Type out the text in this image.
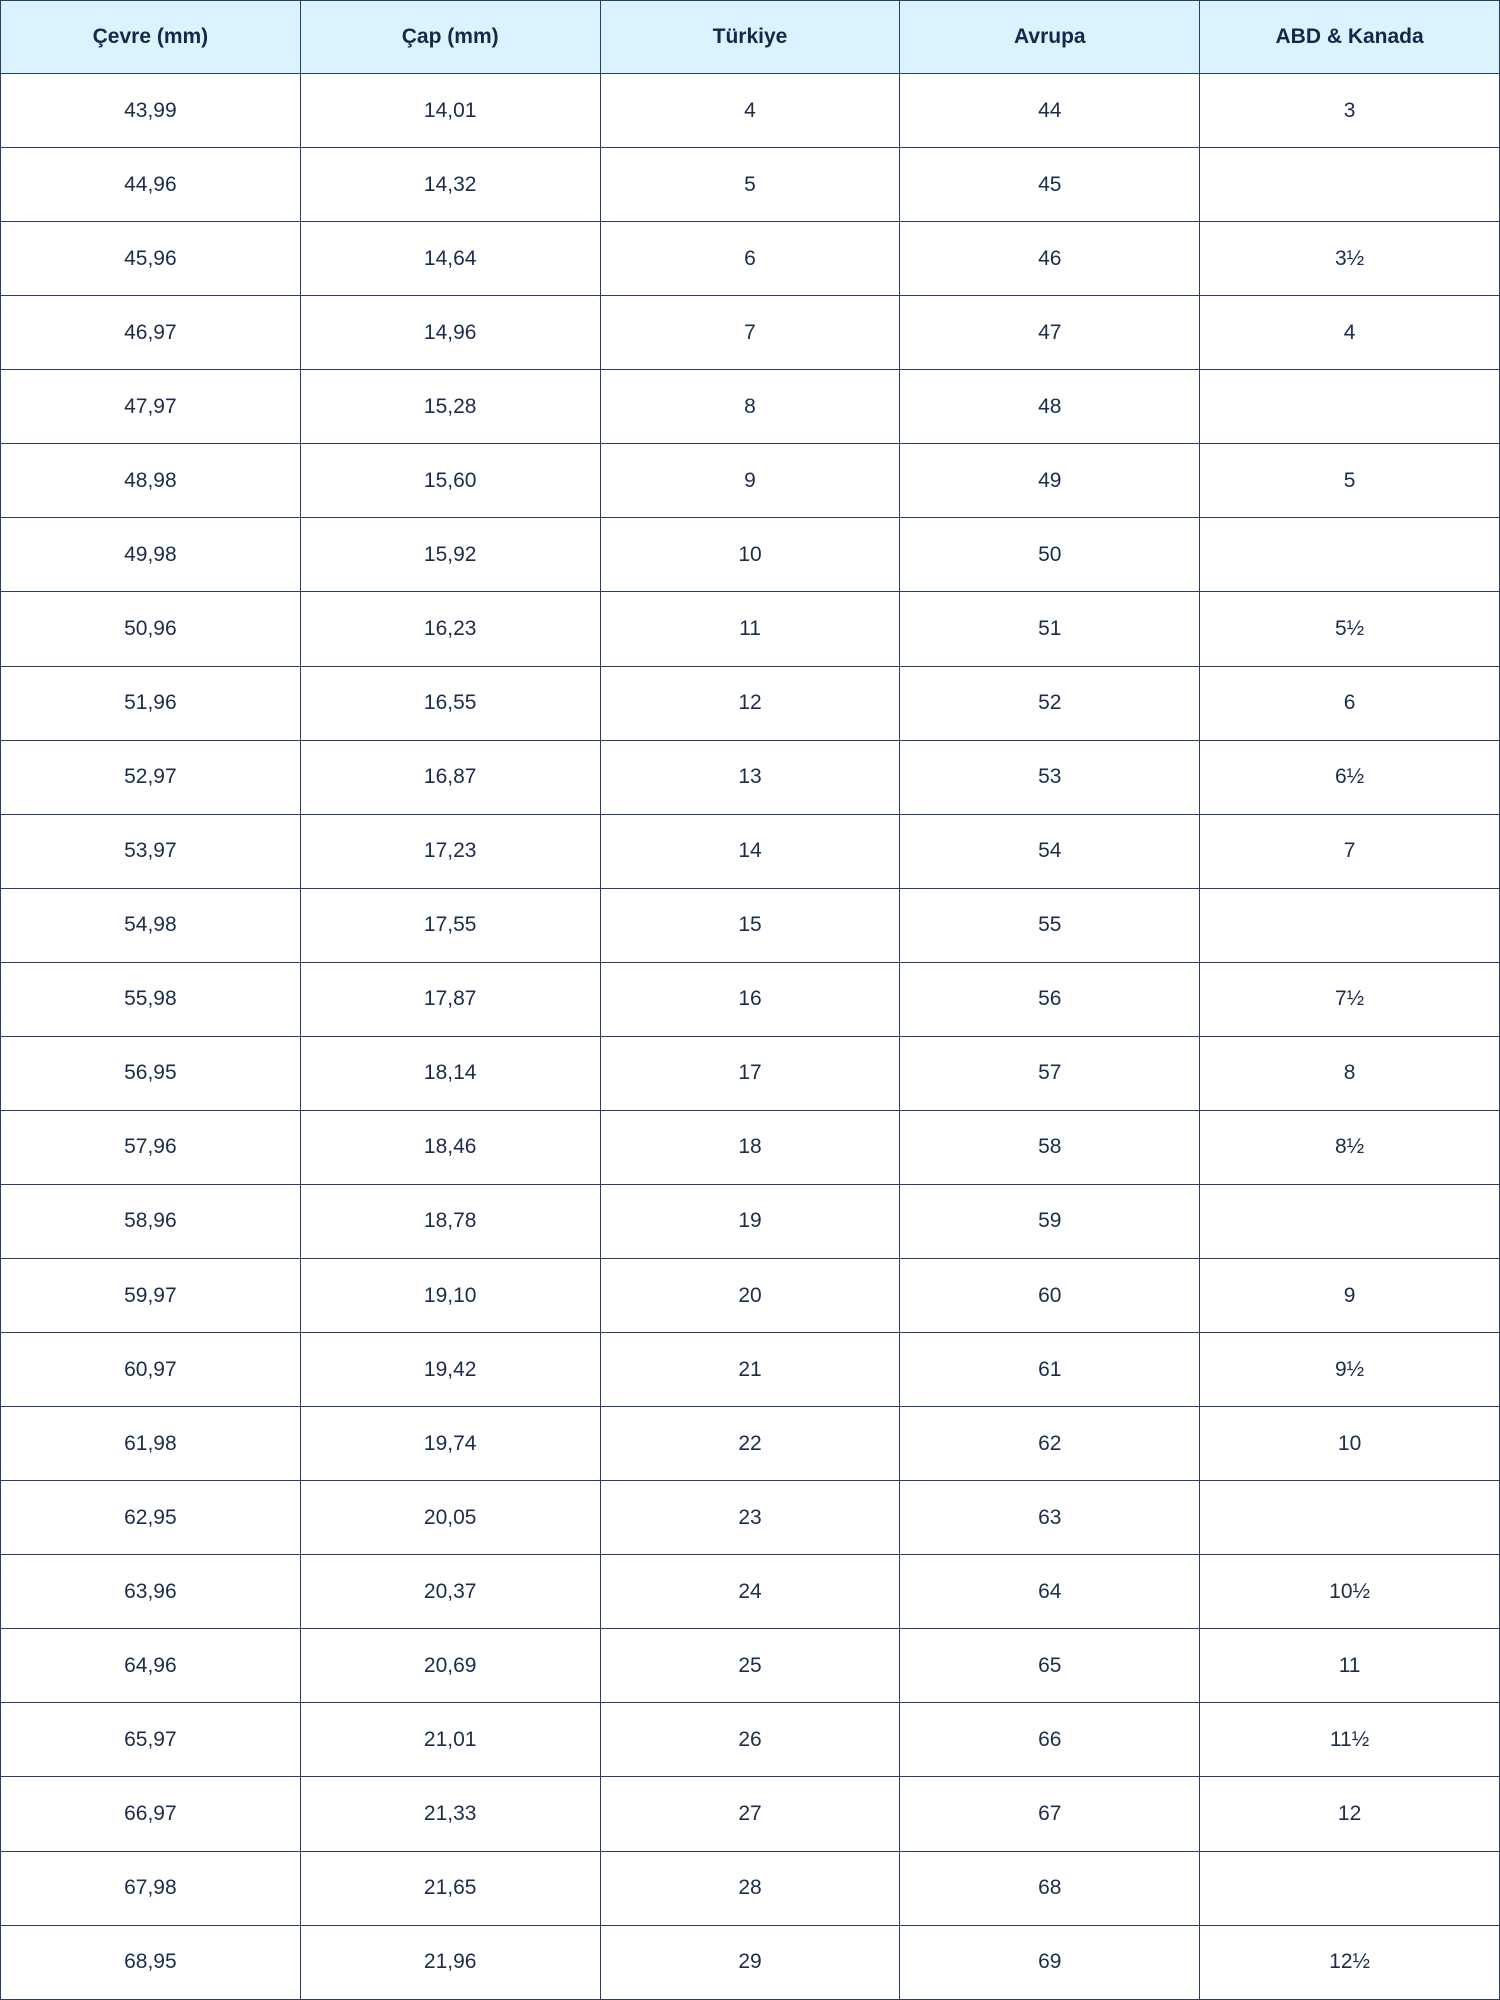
Çevre (mm)	Çap (mm)	Türkiye	Avrupa	ABD & Kanada
43,99	14,01	4	44	3
44,96	14,32	5	45	
45,96	14,64	6	46	3½
46,97	14,96	7	47	4
47,97	15,28	8	48	
48,98	15,60	9	49	5
49,98	15,92	10	50	
50,96	16,23	11	51	5½
51,96	16,55	12	52	6
52,97	16,87	13	53	6½
53,97	17,23	14	54	7
54,98	17,55	15	55	
55,98	17,87	16	56	7½
56,95	18,14	17	57	8
57,96	18,46	18	58	8½
58,96	18,78	19	59	
59,97	19,10	20	60	9
60,97	19,42	21	61	9½
61,98	19,74	22	62	10
62,95	20,05	23	63	
63,96	20,37	24	64	10½
64,96	20,69	25	65	11
65,97	21,01	26	66	11½
66,97	21,33	27	67	12
67,98	21,65	28	68	
68,95	21,96	29	69	12½
